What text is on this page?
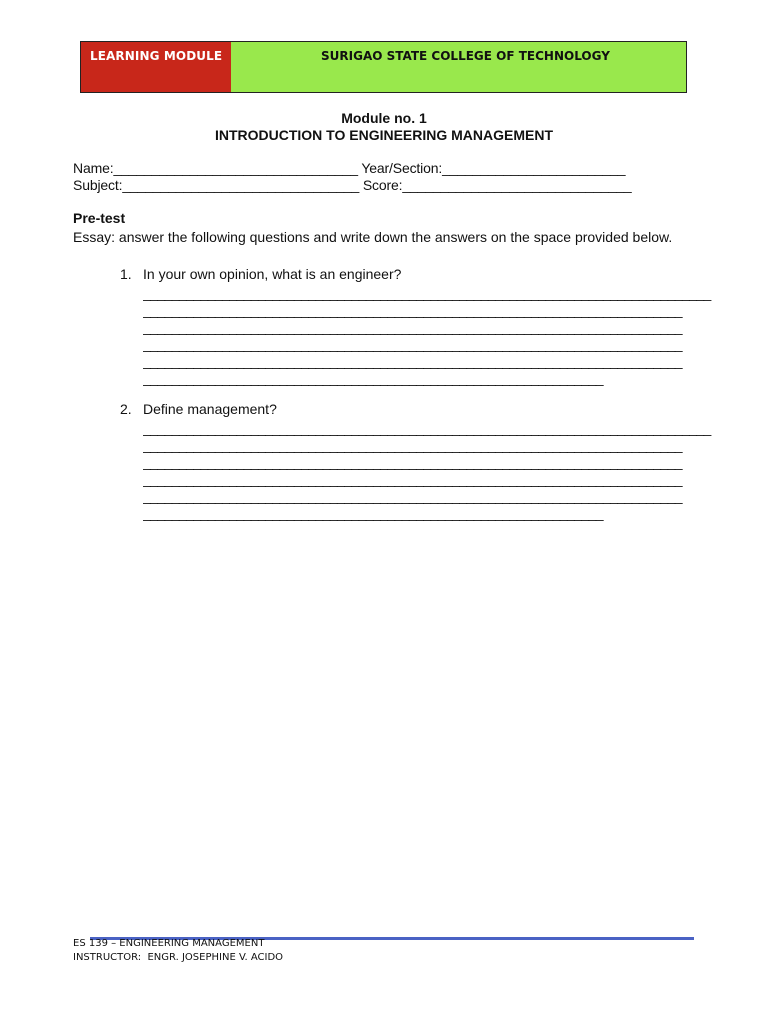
LEARNING MODULE	SURIGAO STATE COLLEGE OF TECHNOLOGY
Module no. 1
INTRODUCTION TO ENGINEERING MANAGEMENT
Name:________________________________ Year/Section:________________________
Subject:_______________________________ Score:______________________________
Pre-test
Essay: answer the following questions and write down the answers on the space provided below.
1. In your own opinion, what is an engineer?
_______________________________________________________________________________
___________________________________________________________________________
___________________________________________________________________________
___________________________________________________________________________
___________________________________________________________________________
________________________________________________________________
2. Define management?
_______________________________________________________________________________
___________________________________________________________________________
___________________________________________________________________________
___________________________________________________________________________
___________________________________________________________________________
________________________________________________________________
ES 139 – ENGINEERING MANAGEMENT
INSTRUCTOR:  ENGR. JOSEPHINE V. ACIDO
